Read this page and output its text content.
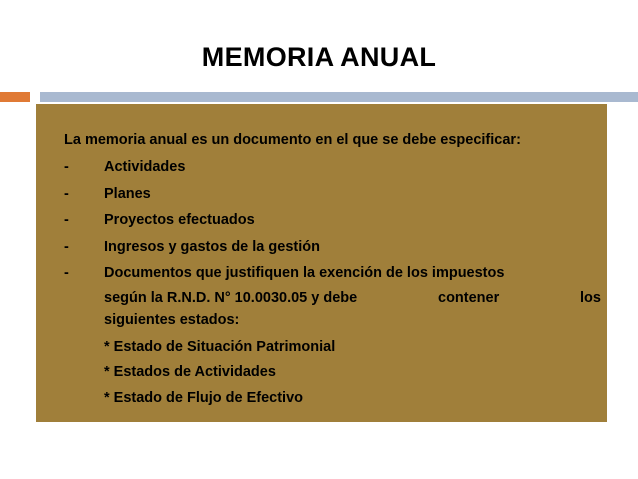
MEMORIA ANUAL
La memoria anual es un documento en el que se debe especificar:
- Actividades
- Planes
- Proyectos efectuados
- Ingresos y gastos de la gestión
- Documentos que justifiquen la exención de los impuestos
según la R.N.D. N° 10.0030.05 y debe	contener	los
siguientes estados:
* Estado de Situación Patrimonial
* Estados de Actividades
* Estado de Flujo de Efectivo
